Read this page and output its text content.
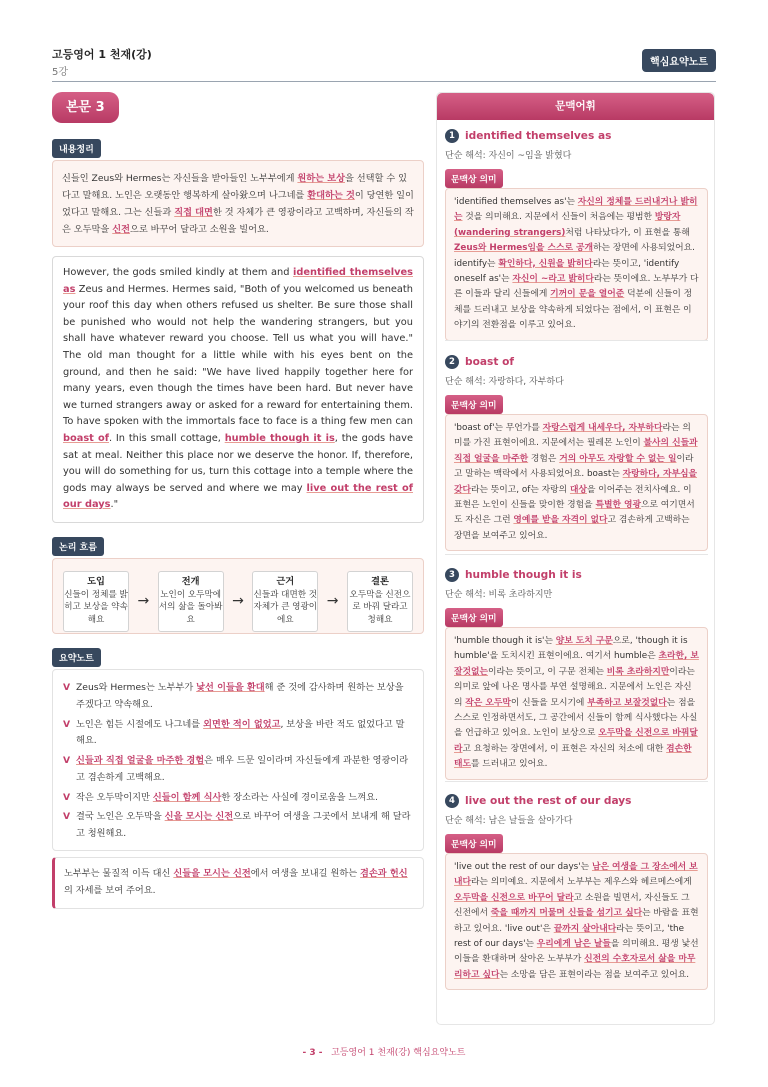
고등영어 1 천재(강)
5강
핵심요약노트
본문 3
내용정리
신들인 Zeus와 Hermes는 자신들을 받아들인 노부부에게 원하는 보상을 선택할 수 있다고 말해요. 노인은 오랫동안 행복하게 살아왔으며 나그네를 환대하는 것이 당연한 일이었다고 말해요. 그는 신들과 직접 대면한 것 자체가 큰 영광이라고 고백하며, 자신들의 작은 오두막을 신전으로 바꾸어 달라고 소원을 빌어요.
However, the gods smiled kindly at them and identified themselves as Zeus and Hermes. Hermes said, "Both of you welcomed us beneath your roof this day when others refused us shelter. Be sure those shall be punished who would not help the wandering strangers, but you shall have whatever reward you choose. Tell us what you will have." The old man thought for a little while with his eyes bent on the ground, and then he said: "We have lived happily together here for many years, even though the times have been hard. But never have we turned strangers away or asked for a reward for entertaining them. To have spoken with the immortals face to face is a thing few men can boast of. In this small cottage, humble though it is, the gods have sat at meal. Neither this place nor we deserve the honor. If, therefore, you will do something for us, turn this cottage into a temple where the gods may always be served and where we may live out the rest of our days."
논리 흐름
도입
신들이 정체를 밝히고 보상을 약속해요
→
전개
노인이 오두막에서의 삶을 돌아봐요
→
근거
신들과 대면한 것 자체가 큰 영광이에요
→
결론
오두막을 신전으로 바꿔 달라고 청해요
요약노트
V Zeus와 Hermes는 노부부가 낯선 이들을 환대해 준 것에 감사하며 원하는 보상을 주겠다고 약속해요.
V 노인은 힘든 시절에도 나그네를 외면한 적이 없었고, 보상을 바란 적도 없었다고 말해요.
V 신들과 직접 얼굴을 마주한 경험은 매우 드문 일이라며 자신들에게 과분한 영광이라고 겸손하게 고백해요.
V 작은 오두막이지만 신들이 함께 식사한 장소라는 사실에 경이로움을 느껴요.
V 결국 노인은 오두막을 신을 모시는 신전으로 바꾸어 여생을 그곳에서 보내게 해 달라고 청원해요.
노부부는 물질적 이득 대신 신들을 모시는 신전에서 여생을 보내길 원하는 겸손과 헌신의 자세를 보여 주어요.
문맥어휘
1 identified themselves as
단순 해석: 자신이 ~임을 밝혔다
문맥상 의미
'identified themselves as'는 자신의 정체를 드러내거나 밝히는 것을 의미해요. 지문에서 신들이 처음에는 평범한 방랑자(wandering strangers)처럼 나타났다가, 이 표현을 통해 Zeus와 Hermes임을 스스로 공개하는 장면에 사용되었어요. identify는 확인하다, 신원을 밝히다라는 뜻이고, 'identify oneself as'는 자신이 ~라고 밝히다라는 뜻이에요. 노부부가 다른 이들과 달리 신들에게 기꺼이 문을 열어준 덕분에 신들이 정체를 드러내고 보상을 약속하게 되었다는 점에서, 이 표현은 이야기의 전환점을 이루고 있어요.
2 boast of
단순 해석: 자랑하다, 자부하다
문맥상 의미
'boast of'는 무언가를 자랑스럽게 내세우다, 자부하다라는 의미를 가진 표현이에요. 지문에서는 필레몬 노인이 불사의 신들과 직접 얼굴을 마주한 경험은 거의 아무도 자랑할 수 없는 일이라고 말하는 맥락에서 사용되었어요. boast는 자랑하다, 자부심을 갖다라는 뜻이고, of는 자랑의 대상을 이어주는 전치사예요. 이 표현은 노인이 신들을 맞이한 경험을 특별한 영광으로 여기면서도 자신은 그런 영예를 받을 자격이 없다고 겸손하게 고백하는 장면을 보여주고 있어요.
3 humble though it is
단순 해석: 비록 초라하지만
문맥상 의미
'humble though it is'는 양보 도치 구문으로, 'though it is humble'을 도치시킨 표현이에요. 여기서 humble은 초라한, 보잘것없는이라는 뜻이고, 이 구문 전체는 비록 초라하지만이라는 의미로 앞에 나온 명사를 부연 설명해요. 지문에서 노인은 자신의 작은 오두막이 신들을 모시기에 부족하고 보잘것없다는 점을 스스로 인정하면서도, 그 공간에서 신들이 함께 식사했다는 사실을 언급하고 있어요. 노인이 보상으로 오두막을 신전으로 바꿔달라고 요청하는 장면에서, 이 표현은 자신의 처소에 대한 겸손한 태도를 드러내고 있어요.
4 live out the rest of our days
단순 해석: 남은 날들을 살아가다
문맥상 의미
'live out the rest of our days'는 남은 여생을 그 장소에서 보내다라는 의미예요. 지문에서 노부부는 제우스와 헤르메스에게 오두막을 신전으로 바꾸어 달라고 소원을 빌면서, 자신들도 그 신전에서 죽을 때까지 머물며 신들을 섬기고 싶다는 바람을 표현하고 있어요. 'live out'은 끝까지 살아내다라는 뜻이고, 'the rest of our days'는 우리에게 남은 날들을 의미해요. 평생 낯선 이들을 환대하며 살아온 노부부가 신전의 수호자로서 삶을 마무리하고 싶다는 소망을 담은 표현이라는 점을 보여주고 있어요.
- 3 - 고등영어 1 천재(강) 핵심요약노트
